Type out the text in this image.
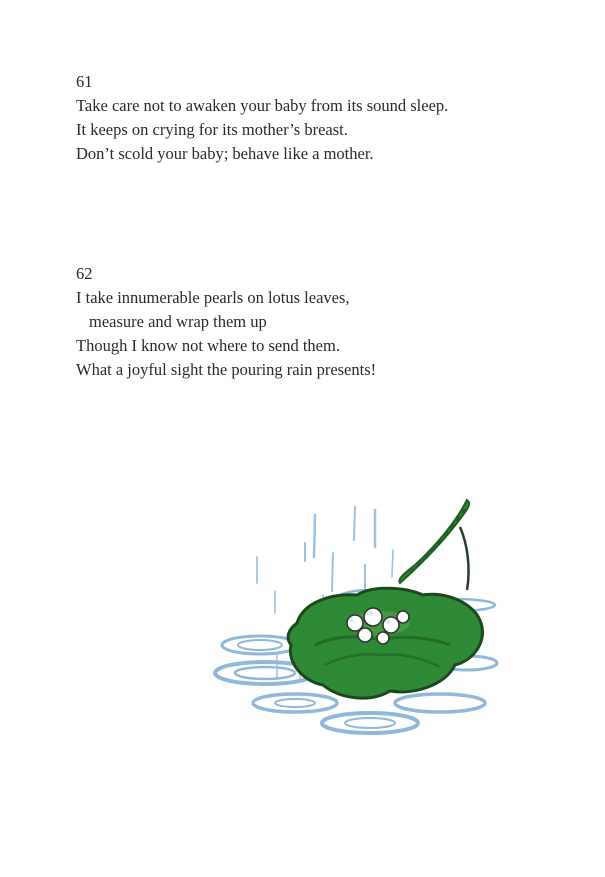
61
Take care not to awaken your baby from its sound sleep.
It keeps on crying for its mother’s breast.
Don’t scold your baby; behave like a mother.
62
I take innumerable pearls on lotus leaves,
measure and wrap them up
Though I know not where to send them.
What a joyful sight the pouring rain presents!
